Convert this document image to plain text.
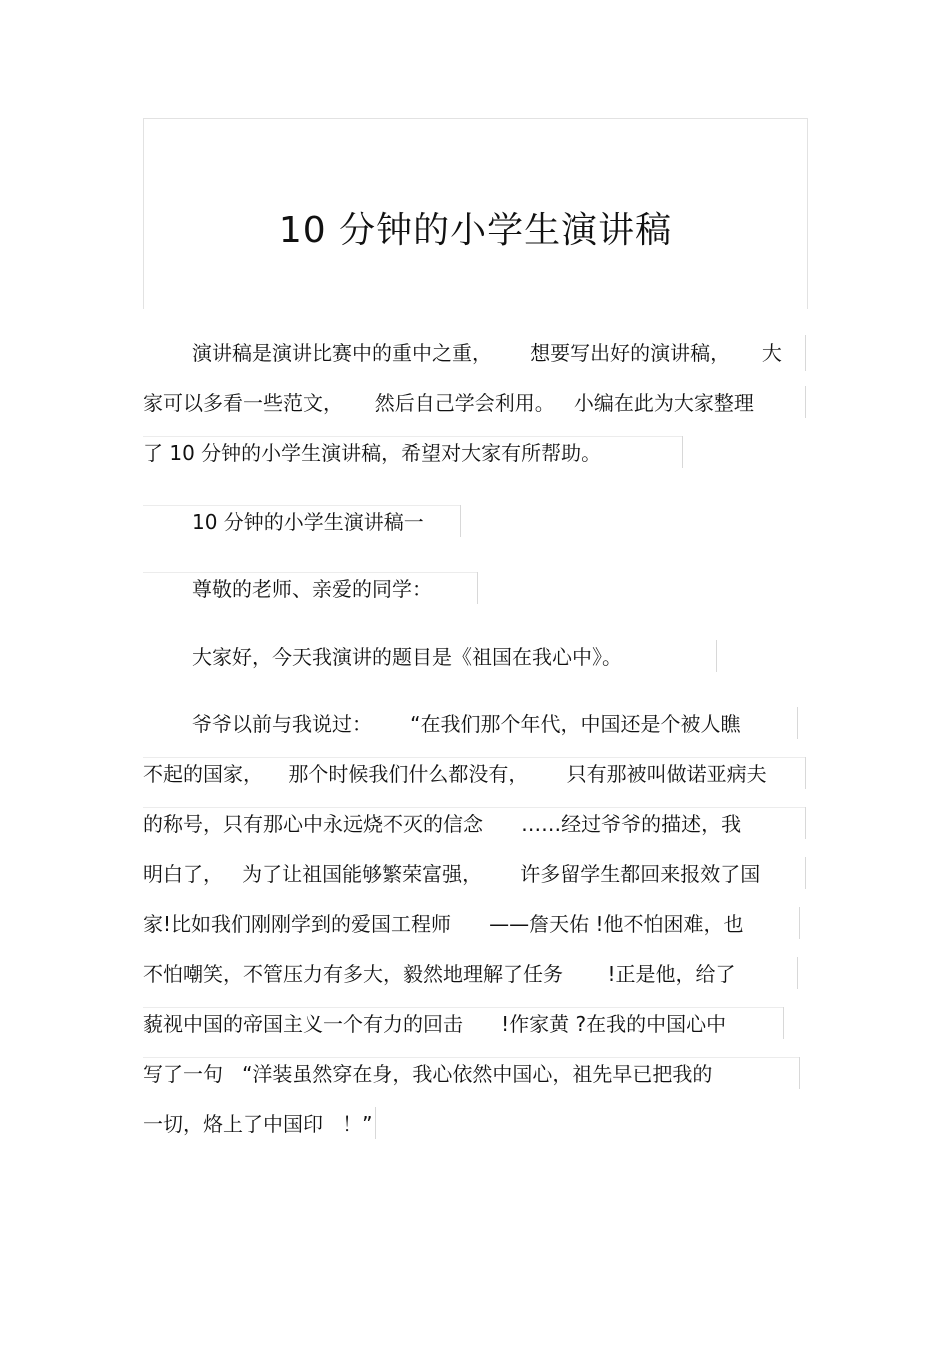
10 分钟的小学生演讲稿
演讲稿是演讲比赛中的重中之重，      想要写出好的演讲稿，     大
家可以多看一些范文，     然后自己学会利用。   小编在此为大家整理
了 10 分钟的小学生演讲稿，希望对大家有所帮助。
10 分钟的小学生演讲稿一
尊敬的老师、亲爱的同学：
大家好，今天我演讲的题目是《祖国在我心中》。
爷爷以前与我说过：      “在我们那个年代，中国还是个被人瞧
不起的国家，    那个时候我们什么都没有，      只有那被叫做诺亚病夫
的称号，只有那心中永远烧不灭的信念      ……经过爷爷的描述，我
明白了，   为了让祖国能够繁荣富强，      许多留学生都回来报效了国
家!比如我们刚刚学到的爱国工程师      ——詹天佑 !他不怕困难，也
不怕嘲笑，不管压力有多大，毅然地理解了任务       !正是他，给了
藐视中国的帝国主义一个有力的回击      !作家黄 ?在我的中国心中
写了一句   “洋装虽然穿在身，我心依然中国心，祖先早已把我的
一切，烙上了中国印   ！”
